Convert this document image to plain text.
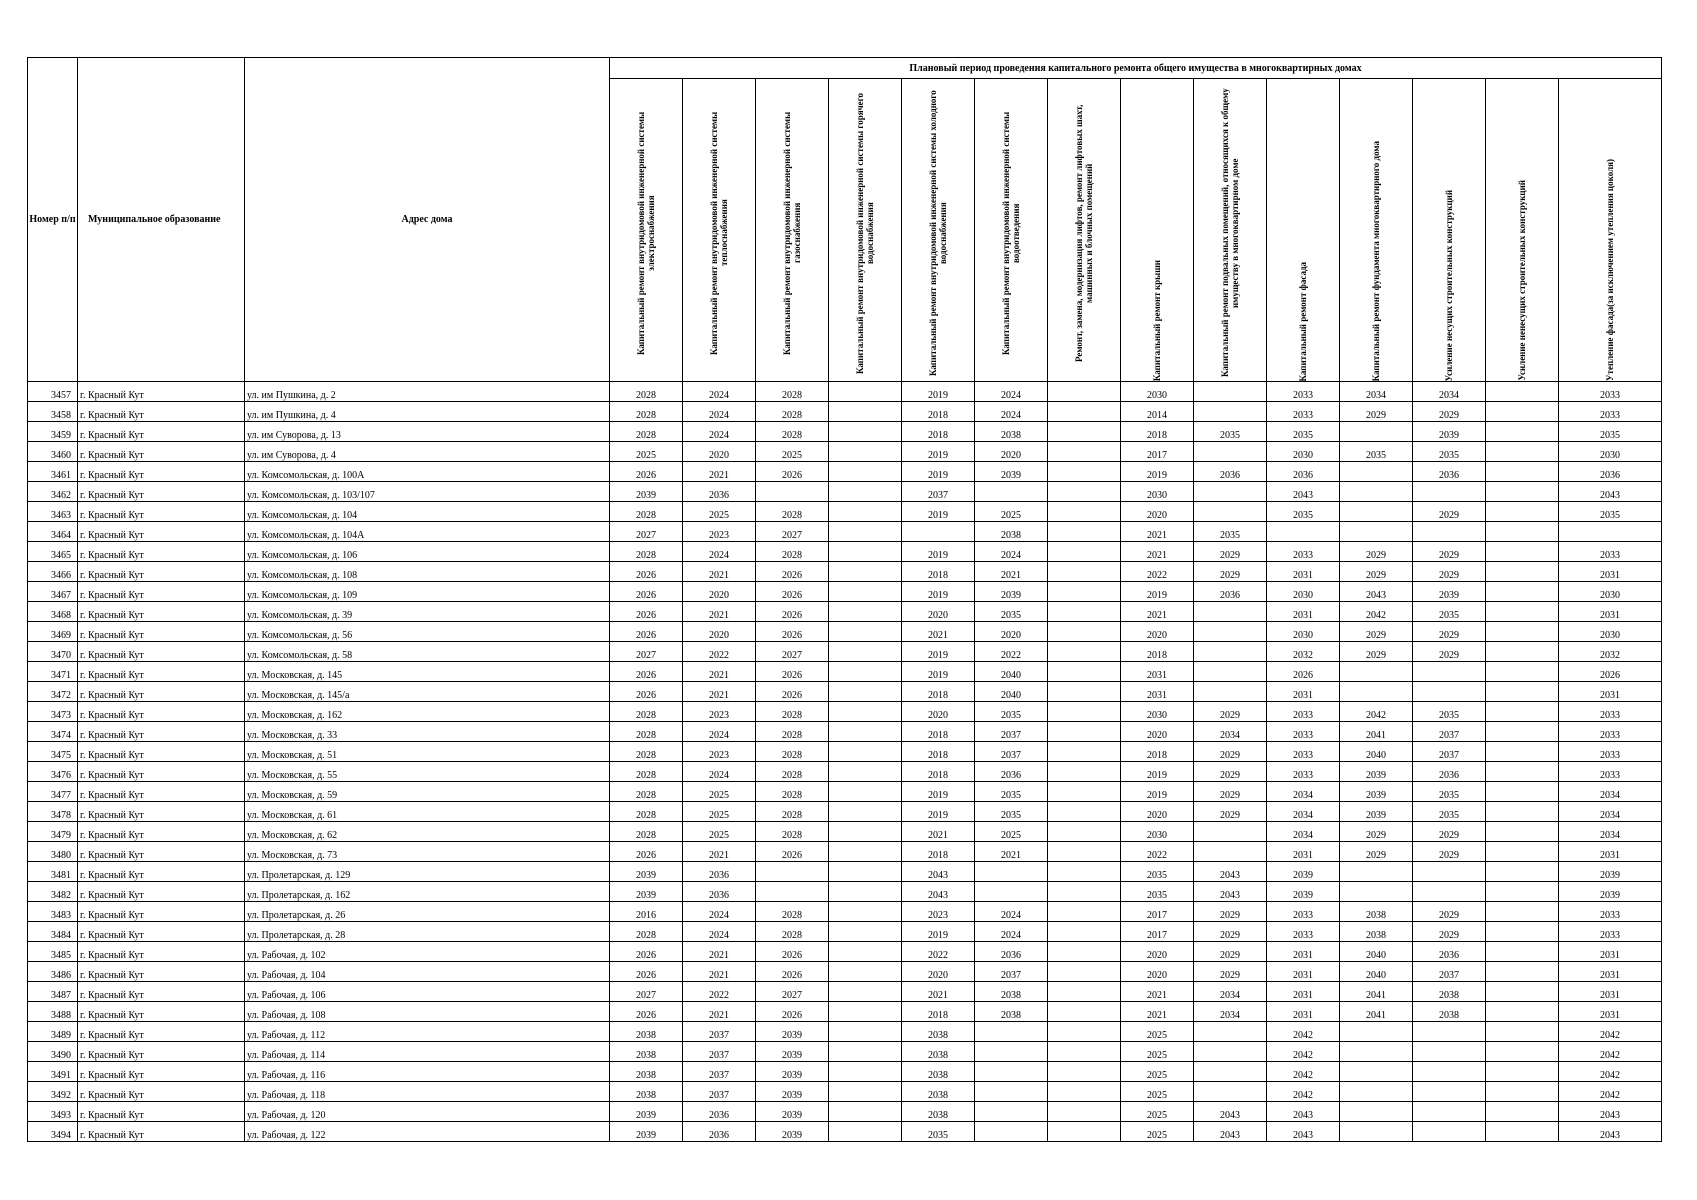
Номер п/п	Муниципальное образование	Адрес дома	Плановый период проведения капитального ремонта общего имущества в многоквартирных домах													

			Капитальный ремонт внутридомовой инженерной системы электроснабжения	Капитальный ремонт внутридомовой инженерной системы теплоснабжения	Капитальный ремонт внутридомовой инженерной системы газоснабжения	Капитальный ремонт внутридомовой инженерной системы горячего водоснабжения	Капитальный ремонт внутридомовой инженерной системы холодного водоснабжения	Капитальный ремонт внутридомовой инженерной системы водоотведения	Ремонт, замена, модернизация лифтов, ремонт лифтовых шахт, машинных и блочных помещений	Капитальный ремонт крыши	Капитальный ремонт подвальных помещений, относящихся к общему имуществу в многоквартирном доме	Капитальный ремонт фасада	Капитальный ремонт фундамента многоквартирного дома	Усиление несущих строительных конструкций	Усиление ненесущих строительных конструкций	Утепление фасада(за исключением утепления цоколя)

3457	г. Красный Кут	ул. им Пушкина, д. 2	2028	2024	2028		2019	2024		2030		2033	2034	2034		2033
3458	г. Красный Кут	ул. им Пушкина, д. 4	2028	2024	2028		2018	2024		2014		2033	2029	2029		2033
3459	г. Красный Кут	ул. им Суворова, д. 13	2028	2024	2028		2018	2038		2018	2035	2035		2039		2035
3460	г. Красный Кут	ул. им Суворова, д. 4	2025	2020	2025		2019	2020		2017		2030	2035	2035		2030
3461	г. Красный Кут	ул. Комсомольская, д. 100А	2026	2021	2026		2019	2039		2019	2036	2036		2036		2036
3462	г. Красный Кут	ул. Комсомольская, д. 103/107	2039	2036			2037			2030		2043				2043
3463	г. Красный Кут	ул. Комсомольская, д. 104	2028	2025	2028		2019	2025		2020		2035		2029		2035
3464	г. Красный Кут	ул. Комсомольская, д. 104А	2027	2023	2027			2038		2021	2035					
3465	г. Красный Кут	ул. Комсомольская, д. 106	2028	2024	2028		2019	2024		2021	2029	2033	2029	2029		2033
3466	г. Красный Кут	ул. Комсомольская, д. 108	2026	2021	2026		2018	2021		2022	2029	2031	2029	2029		2031
3467	г. Красный Кут	ул. Комсомольская, д. 109	2026	2020	2026		2019	2039		2019	2036	2030	2043	2039		2030
3468	г. Красный Кут	ул. Комсомольская, д. 39	2026	2021	2026		2020	2035		2021		2031	2042	2035		2031
3469	г. Красный Кут	ул. Комсомольская, д. 56	2026	2020	2026		2021	2020		2020		2030	2029	2029		2030
3470	г. Красный Кут	ул. Комсомольская, д. 58	2027	2022	2027		2019	2022		2018		2032	2029	2029		2032
3471	г. Красный Кут	ул. Московская, д. 145	2026	2021	2026		2019	2040		2031		2026				2026
3472	г. Красный Кут	ул. Московская, д. 145/а	2026	2021	2026		2018	2040		2031		2031				2031
3473	г. Красный Кут	ул. Московская, д. 162	2028	2023	2028		2020	2035		2030	2029	2033	2042	2035		2033
3474	г. Красный Кут	ул. Московская, д. 33	2028	2024	2028		2018	2037		2020	2034	2033	2041	2037		2033
3475	г. Красный Кут	ул. Московская, д. 51	2028	2023	2028		2018	2037		2018	2029	2033	2040	2037		2033
3476	г. Красный Кут	ул. Московская, д. 55	2028	2024	2028		2018	2036		2019	2029	2033	2039	2036		2033
3477	г. Красный Кут	ул. Московская, д. 59	2028	2025	2028		2019	2035		2019	2029	2034	2039	2035		2034
3478	г. Красный Кут	ул. Московская, д. 61	2028	2025	2028		2019	2035		2020	2029	2034	2039	2035		2034
3479	г. Красный Кут	ул. Московская, д. 62	2028	2025	2028		2021	2025		2030		2034	2029	2029		2034
3480	г. Красный Кут	ул. Московская, д. 73	2026	2021	2026		2018	2021		2022		2031	2029	2029		2031
3481	г. Красный Кут	ул. Пролетарская, д. 129	2039	2036			2043			2035	2043	2039				2039
3482	г. Красный Кут	ул. Пролетарская, д. 162	2039	2036			2043			2035	2043	2039				2039
3483	г. Красный Кут	ул. Пролетарская, д. 26	2016	2024	2028		2023	2024		2017	2029	2033	2038	2029		2033
3484	г. Красный Кут	ул. Пролетарская, д. 28	2028	2024	2028		2019	2024		2017	2029	2033	2038	2029		2033
3485	г. Красный Кут	ул. Рабочая, д. 102	2026	2021	2026		2022	2036		2020	2029	2031	2040	2036		2031
3486	г. Красный Кут	ул. Рабочая, д. 104	2026	2021	2026		2020	2037		2020	2029	2031	2040	2037		2031
3487	г. Красный Кут	ул. Рабочая, д. 106	2027	2022	2027		2021	2038		2021	2034	2031	2041	2038		2031
3488	г. Красный Кут	ул. Рабочая, д. 108	2026	2021	2026		2018	2038		2021	2034	2031	2041	2038		2031
3489	г. Красный Кут	ул. Рабочая, д. 112	2038	2037	2039		2038			2025		2042				2042
3490	г. Красный Кут	ул. Рабочая, д. 114	2038	2037	2039		2038			2025		2042				2042
3491	г. Красный Кут	ул. Рабочая, д. 116	2038	2037	2039		2038			2025		2042				2042
3492	г. Красный Кут	ул. Рабочая, д. 118	2038	2037	2039		2038			2025		2042				2042
3493	г. Красный Кут	ул. Рабочая, д. 120	2039	2036	2039		2038			2025	2043	2043				2043
3494	г. Красный Кут	ул. Рабочая, д. 122	2039	2036	2039		2035			2025	2043	2043				2043
